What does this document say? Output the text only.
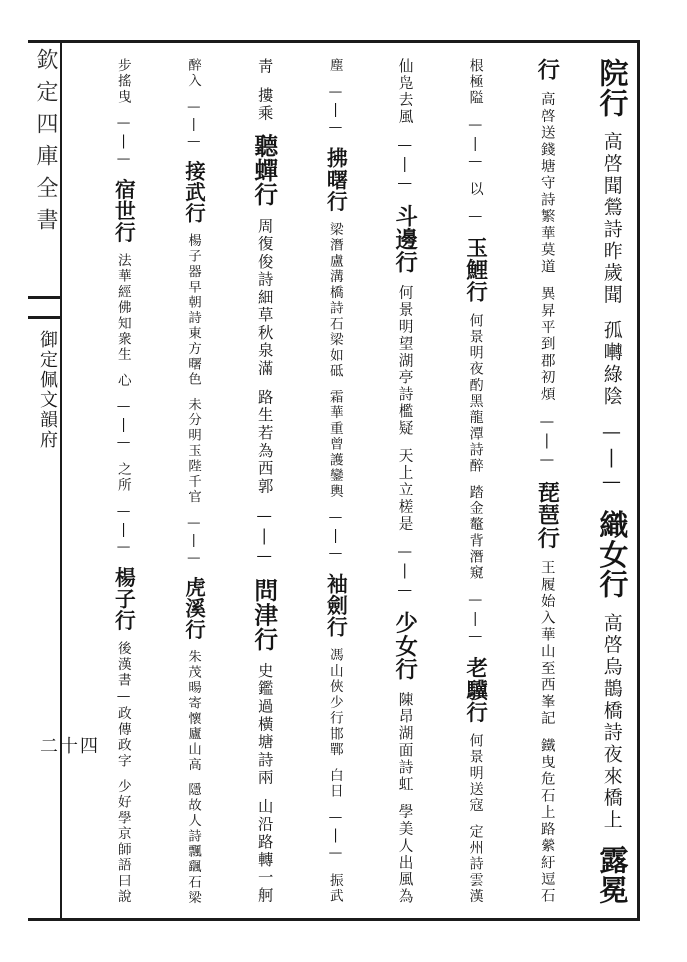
欽定四庫全書
御定佩文韻府
二十四
院行 高啓聞鶯詩昨歲聞 孤囀綠陰 —|— 織女行 高啓烏鵲橋詩夜來橋上 露冕
行 高啓送錢塘守詩繁華莫道 異昇平到郡初煩 —|— 琵琶行 王履始入華山至西峯記 鐵曳危石上路縈紆逗石
根極隘 —|— 以 — 玉鯉行 何景明夜酌黑龍潭詩醉 踏金鼇背潛窺 —|— 老驥行 何景明送寇 定州詩雲漢
仙凫去風 —|— 斗邊行 何景明望湖亭詩檻疑 天上立槎是 —|— 少女行 陳昂湖面詩虹 學美人出風為
塵 —|— 拂曙行 梁潛盧溝橋詩石梁如砥 霜華重曾護鑾輿 —|— 袖劍行 馮山俠少行邯鄲 白日 —|— 振武
靑 摟乘 聽蟬行 周復俊詩細草秋泉滿 路生若為西郭 —|— 問津行 史鑑過橫塘詩兩 山沿路轉一舸
醉入 —|— 接武行 楊子器早朝詩東方曙色 未分明玉陛千官 —|— 虎溪行 朱茂暘寄懷廬山高 隱故人詩飄颻石梁
步搖曳 —|— 宿世行 法華經佛知衆生 心 —|— 之所 —|— 楊子行 後漢書—政傳政字 少好學京師語曰說
